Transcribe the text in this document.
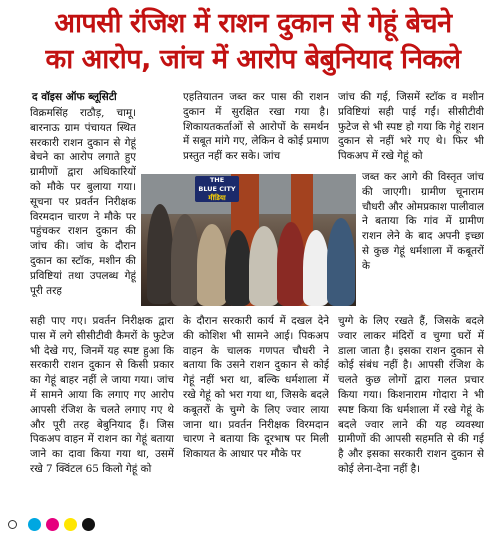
आपसी रंजिश में राशन दुकान से गेहूं बेचने
का आरोप, जांच में आरोप बेबुनियाद निकले

द वॉइस ऑफ ब्लूसिटी

विक्रमसिंह राठौड़, चामू। बारनाऊ ग्राम पंचायत स्थित सरकारी राशन दुकान से गेहूं बेचने का आरोप लगाते हुए ग्रामीणों द्वारा अधिकारियों को मौके पर बुलाया गया। सूचना पर प्रवर्तन निरीक्षक विरमदान चारण ने मौके पर पहुंचकर राशन दुकान की जांच की। जांच के दौरान दुकान का स्टॉक, मशीन की प्रविष्टियां तथा उपलब्ध गेहूं पूरी तरह

सही पाए गए। प्रवर्तन निरीक्षक द्वारा पास में लगे सीसीटीवी कैमरों के फुटेज भी देखे गए, जिनमें यह स्पष्ट हुआ कि सरकारी राशन दुकान से किसी प्रकार का गेहूं बाहर नहीं ले जाया गया। जांच में सामने आया कि लगाए गए आरोप आपसी रंजिश के चलते लगाए गए थे और पूरी तरह बेबुनियाद हैं। जिस पिकअप वाहन में राशन का गेहूं बताया जाने का दावा किया गया था, उसमें रखे 7 क्विंटल 65 किलो गेहूं को

एहतियातन जब्त कर पास की राशन दुकान में सुरक्षित रखा गया है। शिकायतकर्ताओं से आरोपों के समर्थन में सबूत मांगे गए, लेकिन वे कोई प्रमाण प्रस्तुत नहीं कर सके। जांच

के दौरान सरकारी कार्य में दखल देने की कोशिश भी सामने आई। पिकअप वाहन के चालक गणपत चौधरी ने बताया कि उसने राशन दुकान से कोई गेहूं नहीं भरा था, बल्कि धर्मशाला में रखे गेहूं को भरा गया था, जिसके बदले कबूतरों के चुग्गे के लिए ज्वार लाया जाना था। प्रवर्तन निरीक्षक विरमदान चारण ने बताया कि दूरभाष पर मिली शिकायत के आधार पर मौके पर

जांच की गई, जिसमें स्टॉक व मशीन प्रविष्टियां सही पाई गईं। सीसीटीवी फुटेज से भी स्पष्ट हो गया कि गेहूं राशन दुकान से नहीं भरे गए थे। फिर भी पिकअप में रखे गेहूं को

जब्त कर आगे की विस्तृत जांच की जाएगी। ग्रामीण चूनाराम चौधरी और ओमप्रकाश पालीवाल ने बताया कि गांव में ग्रामीण राशन लेने के बाद अपनी इच्छा से कुछ गेहूं धर्मशाला में कबूतरों के

चुग्गे के लिए रखते हैं, जिसके बदले ज्वार लाकर मंदिरों व चुग्गा घरों में डाला जाता है। इसका राशन दुकान से कोई संबंध नहीं है। आपसी रंजिश के चलते कुछ लोगों द्वारा गलत प्रचार किया गया। किशनाराम गोदारा ने भी स्पष्ट किया कि धर्मशाला में रखे गेहूं के बदले ज्वार लाने की यह व्यवस्था ग्रामीणों की आपसी सहमति से की गई है और इसका सरकारी राशन दुकान से कोई लेना-देना नहीं है।

THE
BLUE CITY
मीडिया
